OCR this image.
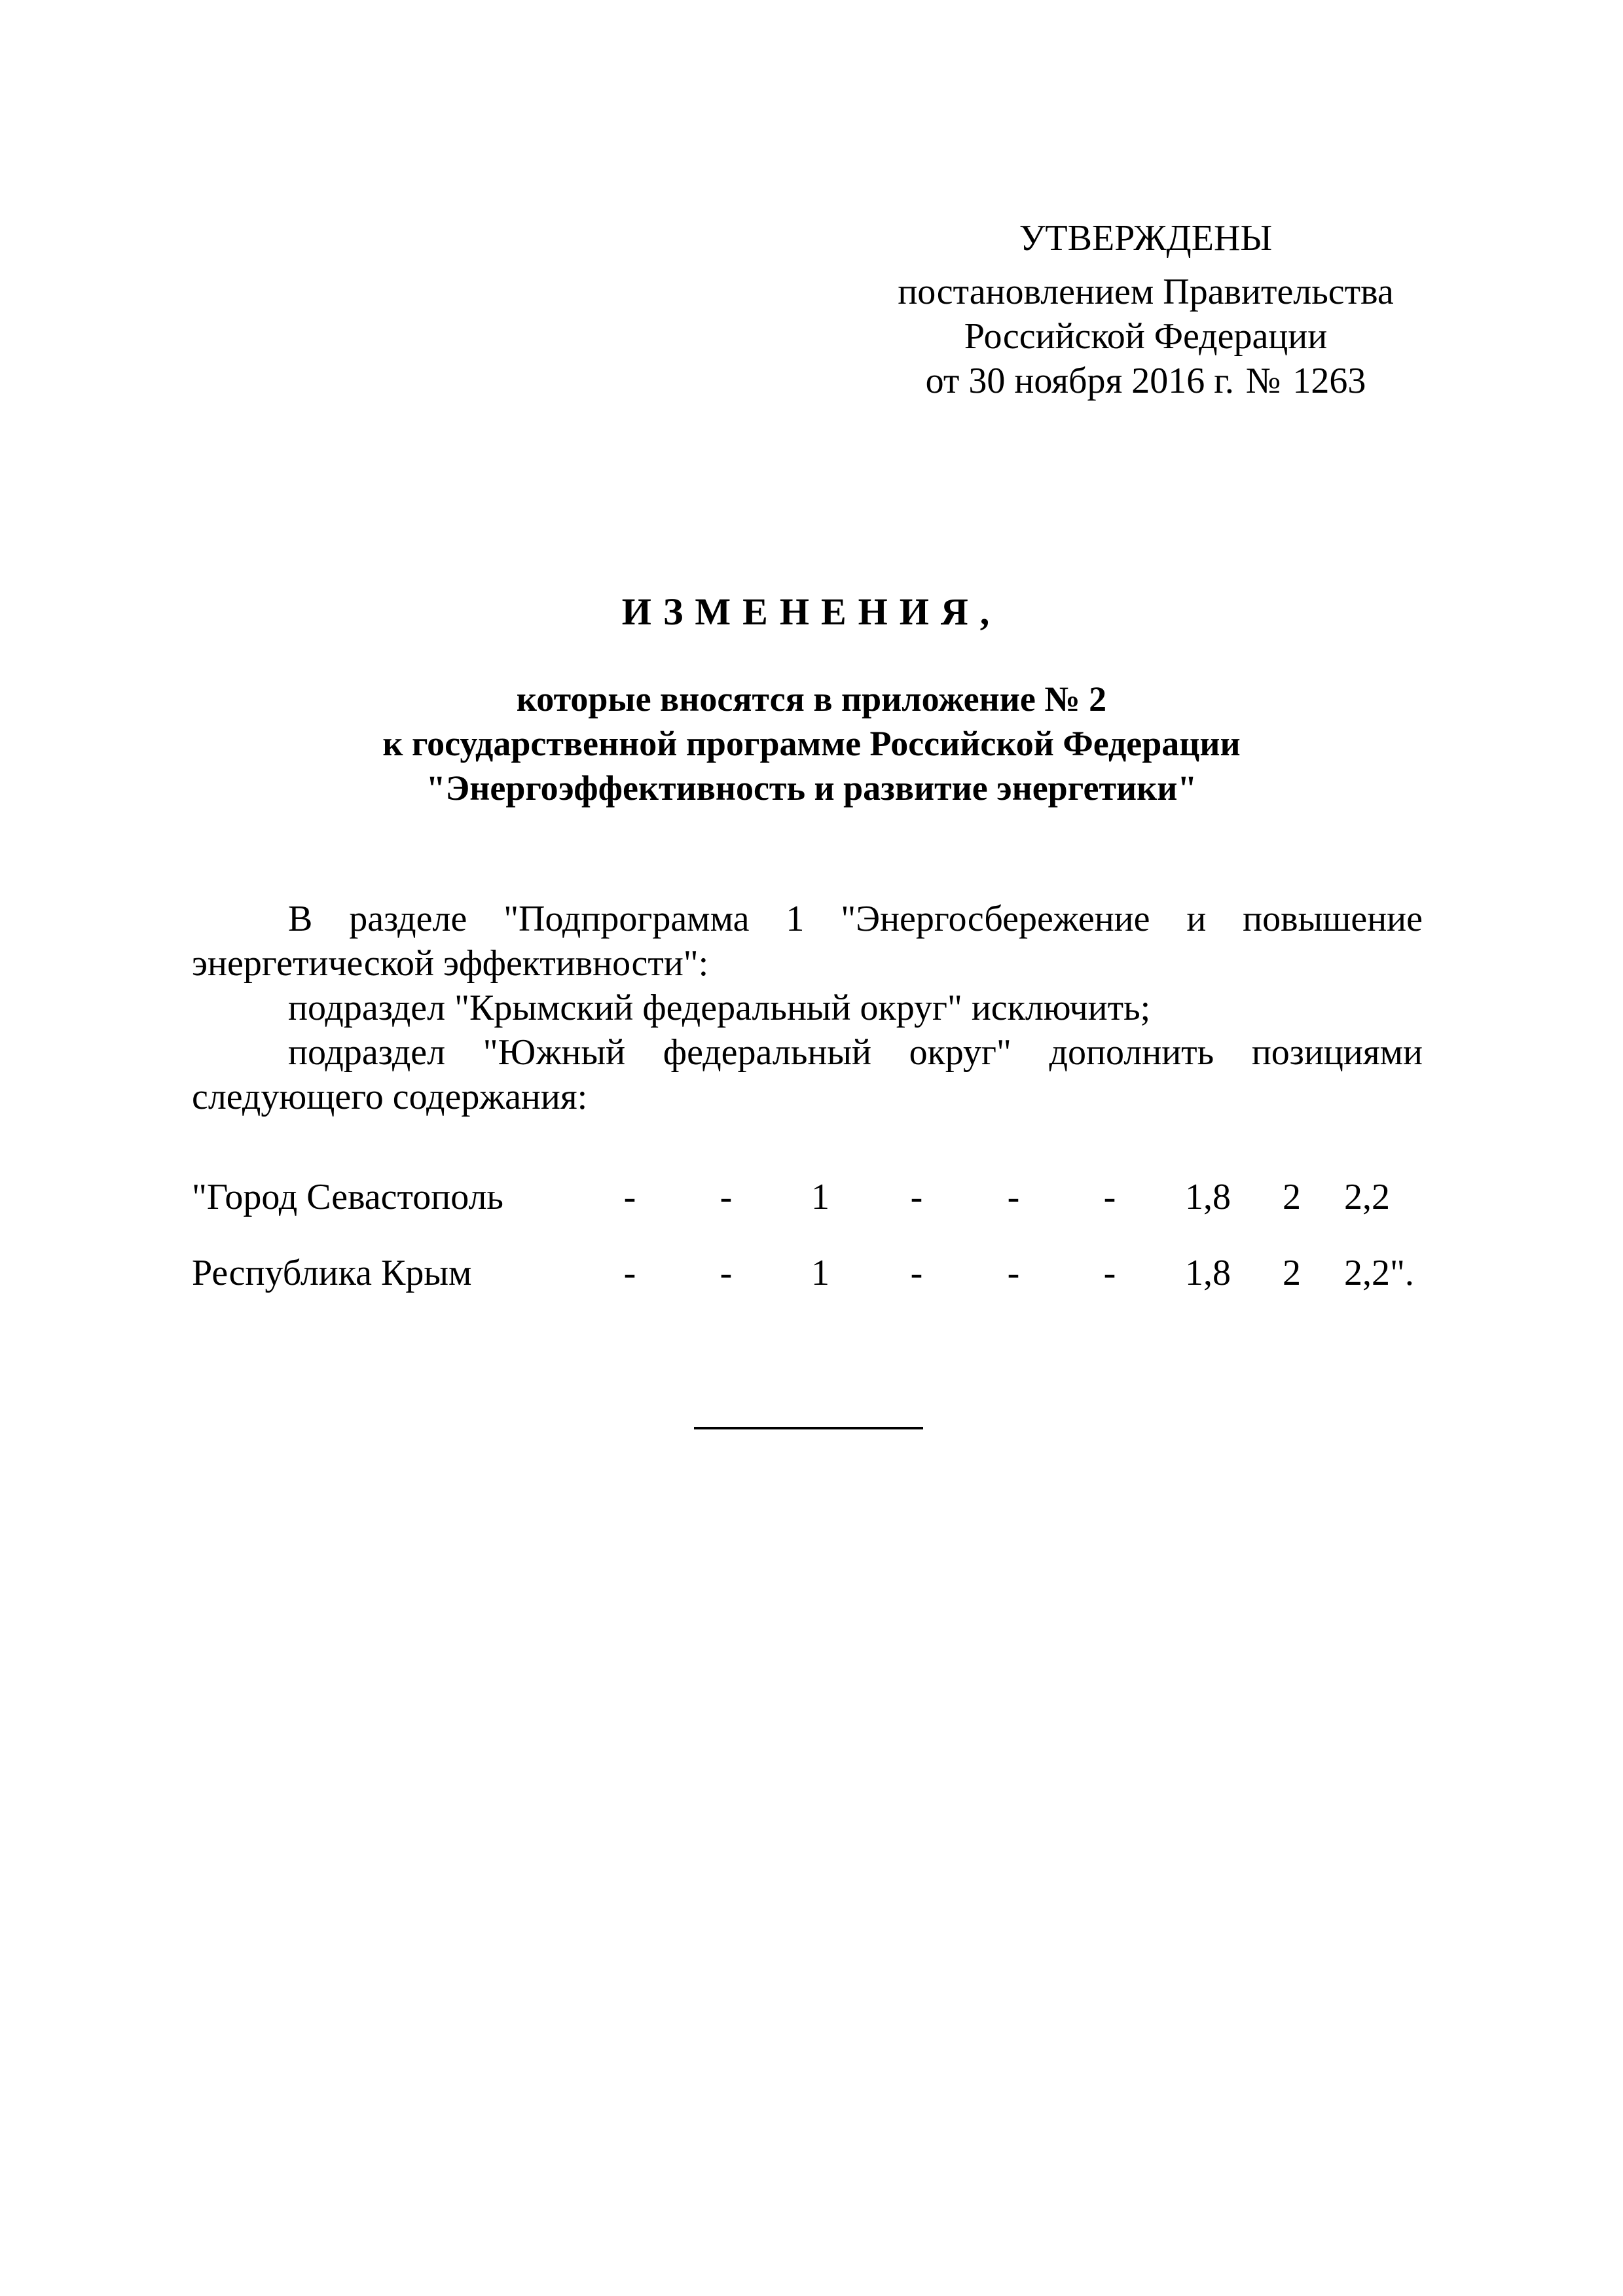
УТВЕРЖДЕНЫ
постановлением Правительства
Российской Федерации
от 30 ноября 2016 г. № 1263
ИЗМЕНЕНИЯ,
которые вносятся в приложение № 2
к государственной программе Российской Федерации
"Энергоэффективность и развитие энергетики"
В разделе "Подпрограмма 1 "Энергосбережение и повышение
энергетической эффективности":
подраздел "Крымский федеральный округ" исключить;
подраздел "Южный федеральный округ" дополнить позициями
следующего содержания:
"Город Севастополь	- - 1 - - - 1,8 2 2,2
Республика Крым	- - 1 - - - 1,8 2 2,2".
